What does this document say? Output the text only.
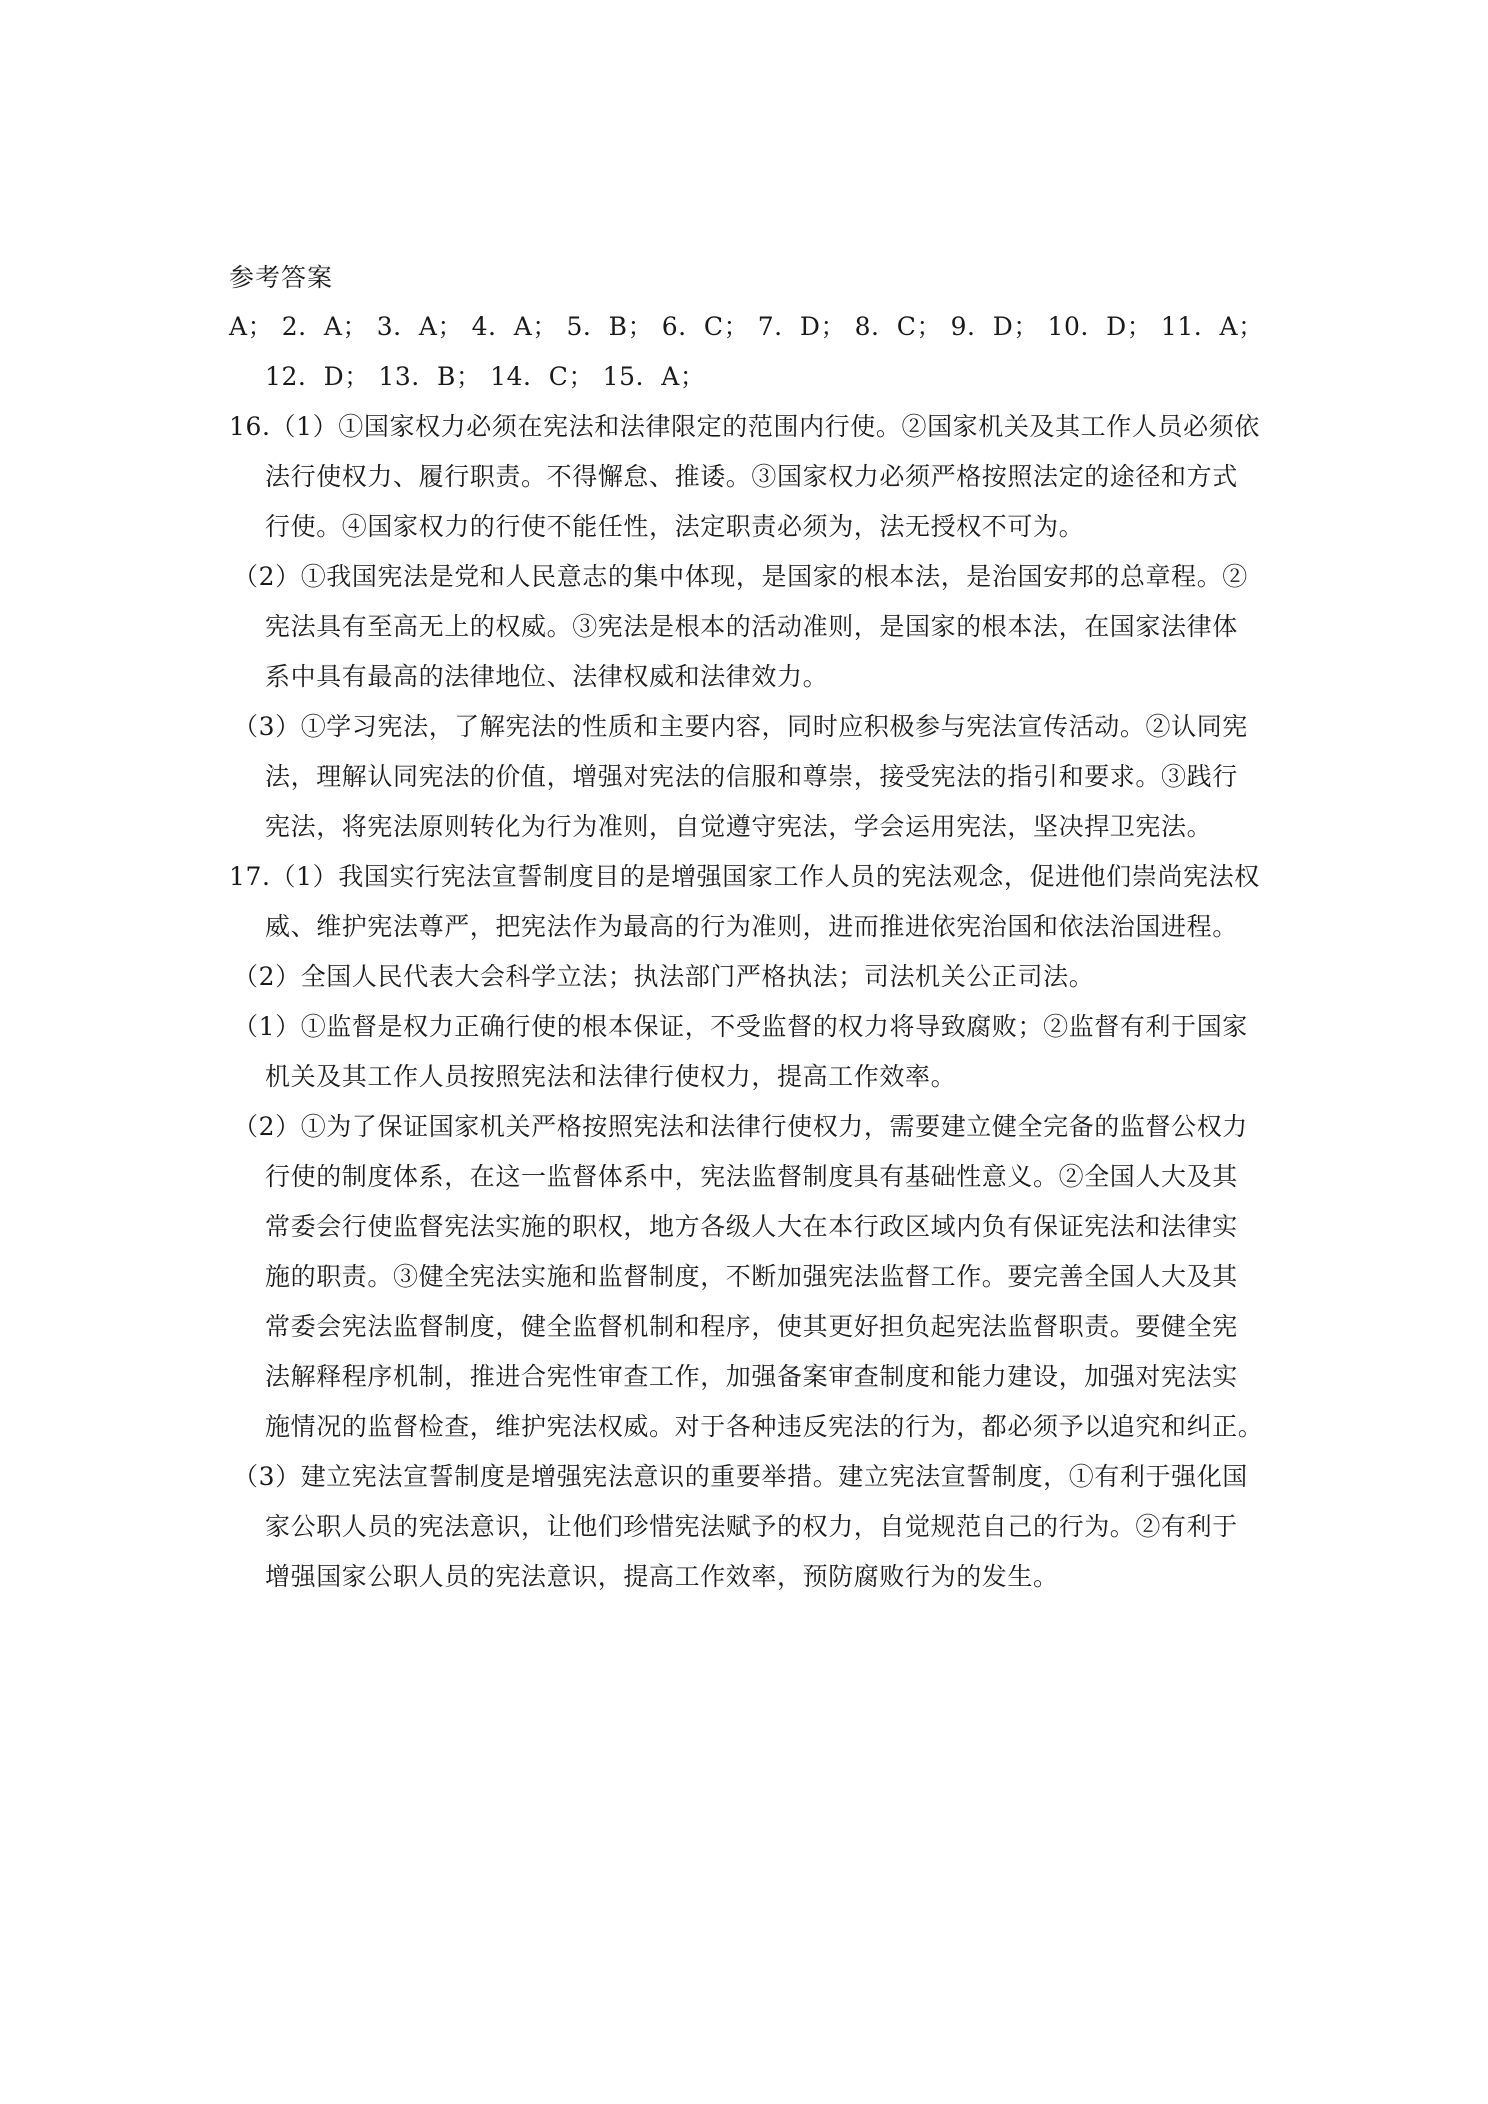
参考答案
A； 2．A； 3．A； 4．A； 5．B； 6．C； 7．D； 8．C； 9．D； 10．D； 11．A；
12．D； 13．B； 14．C； 15．A；
16.（1）①国家权力必须在宪法和法律限定的范围内行使。②国家机关及其工作人员必须依
法行使权力、履行职责。不得懈怠、推诿。③国家权力必须严格按照法定的途径和方式
行使。④国家权力的行使不能任性，法定职责必须为，法无授权不可为。
（2）①我国宪法是党和人民意志的集中体现，是国家的根本法，是治国安邦的总章程。②
宪法具有至高无上的权威。③宪法是根本的活动准则，是国家的根本法，在国家法律体
系中具有最高的法律地位、法律权威和法律效力。
（3）①学习宪法，了解宪法的性质和主要内容，同时应积极参与宪法宣传活动。②认同宪
法，理解认同宪法的价值，增强对宪法的信服和尊崇，接受宪法的指引和要求。③践行
宪法，将宪法原则转化为行为准则，自觉遵守宪法，学会运用宪法，坚决捍卫宪法。
17.（1）我国实行宪法宣誓制度目的是增强国家工作人员的宪法观念，促进他们崇尚宪法权
威、维护宪法尊严，把宪法作为最高的行为准则，进而推进依宪治国和依法治国进程。
（2）全国人民代表大会科学立法；执法部门严格执法；司法机关公正司法。
（1）①监督是权力正确行使的根本保证，不受监督的权力将导致腐败；②监督有利于国家
机关及其工作人员按照宪法和法律行使权力，提高工作效率。
（2）①为了保证国家机关严格按照宪法和法律行使权力，需要建立健全完备的监督公权力
行使的制度体系，在这一监督体系中，宪法监督制度具有基础性意义。②全国人大及其
常委会行使监督宪法实施的职权，地方各级人大在本行政区域内负有保证宪法和法律实
施的职责。③健全宪法实施和监督制度，不断加强宪法监督工作。要完善全国人大及其
常委会宪法监督制度，健全监督机制和程序，使其更好担负起宪法监督职责。要健全宪
法解释程序机制，推进合宪性审查工作，加强备案审查制度和能力建设，加强对宪法实
施情况的监督检查，维护宪法权威。对于各种违反宪法的行为，都必须予以追究和纠正。
（3）建立宪法宣誓制度是增强宪法意识的重要举措。建立宪法宣誓制度，①有利于强化国
家公职人员的宪法意识，让他们珍惜宪法赋予的权力，自觉规范自己的行为。②有利于
增强国家公职人员的宪法意识，提高工作效率，预防腐败行为的发生。
